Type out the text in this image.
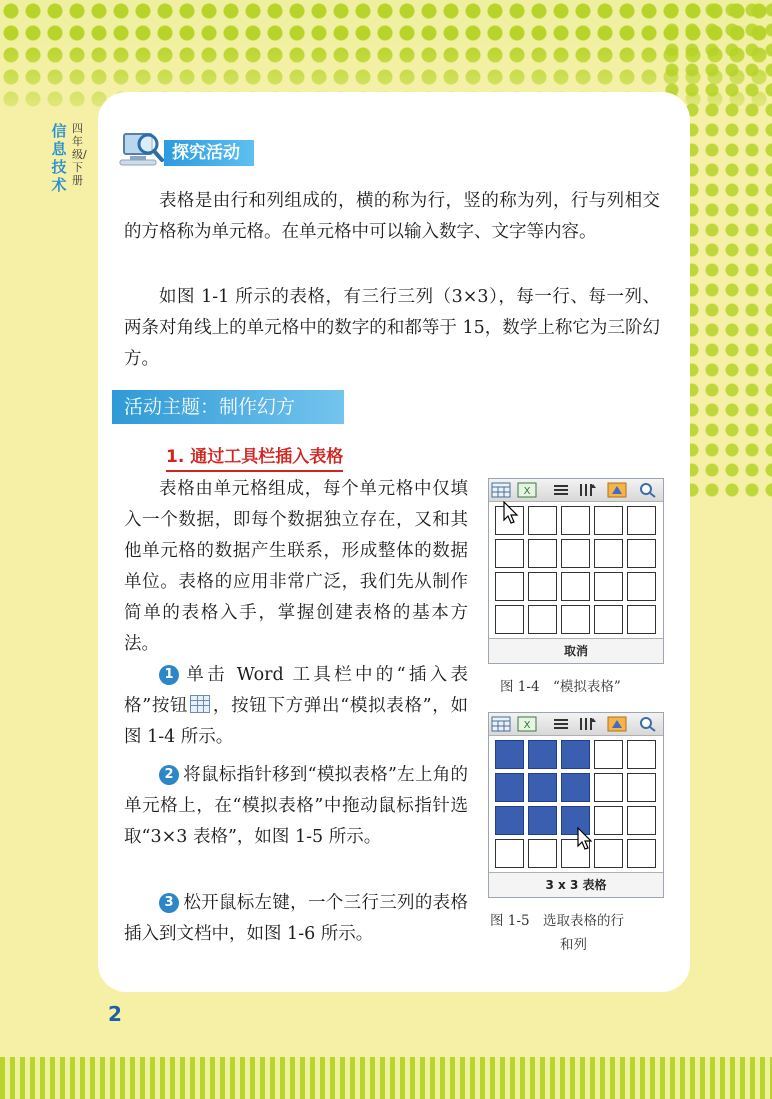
信息技术
四年级/下册
探究活动
表格是由行和列组成的，横的称为行，竖的称为列，行与列相交的方格称为单元格。在单元格中可以输入数字、文字等内容。
如图 1-1 所示的表格，有三行三列（3×3），每一行、每一列、两条对角线上的单元格中的数字的和都等于 15，数学上称它为三阶幻方。
活动主题：制作幻方
1. 通过工具栏插入表格
表格由单元格组成，每个单元格中仅填入一个数据，即每个数据独立存在，又和其他单元格的数据产生联系，形成整体的数据单位。表格的应用非常广泛，我们先从制作简单的表格入手，掌握创建表格的基本方法。
1 单击 Word 工具栏中的“插入表格”按钮 ，按钮下方弹出“模拟表格”，如图 1-4 所示。
2 将鼠标指针移到“模拟表格”左上角的单元格上，在“模拟表格”中拖动鼠标指针选取“3×3 表格”，如图 1-5 所示。
3 松开鼠标左键，一个三行三列的表格插入到文档中，如图 1-6 所示。
X
取消
图 1-4　“模拟表格”
X
3 x 3 表格
图 1-5　选取表格的行
和列
2
